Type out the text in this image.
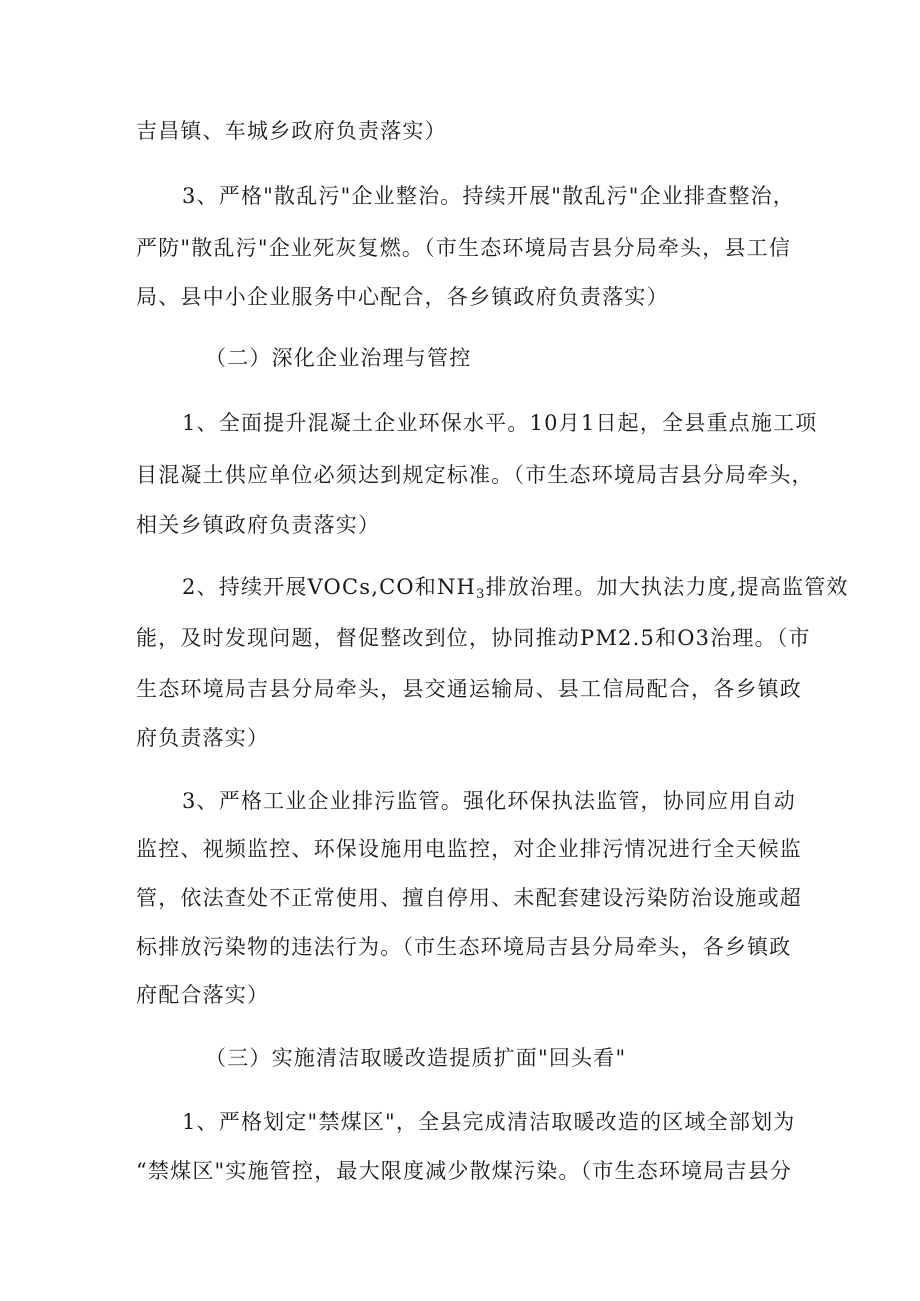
吉昌镇、车城乡政府负责落实）
3、严格"散乱污"企业整治。持续开展"散乱污"企业排查整治，
严防"散乱污"企业死灰复燃。（市生态环境局吉县分局牵头，县工信
局、县中小企业服务中心配合，各乡镇政府负责落实）
（二）深化企业治理与管控
1、全面提升混凝土企业环保水平。10月1日起，全县重点施工项
目混凝土供应单位必须达到规定标准。（市生态环境局吉县分局牵头，
相关乡镇政府负责落实）
2、持续开展VOCs,CO和$NH_3$排放治理。加大执法力度,提高监管效
能，及时发现问题，督促整改到位，协同推动PM2.5和O3治理。（市
生态环境局吉县分局牵头，县交通运输局、县工信局配合，各乡镇政
府负责落实）
3、严格工业企业排污监管。强化环保执法监管，协同应用自动
监控、视频监控、环保设施用电监控，对企业排污情况进行全天候监
管，依法查处不正常使用、擅自停用、未配套建设污染防治设施或超
标排放污染物的违法行为。（市生态环境局吉县分局牵头，各乡镇政
府配合落实）
（三）实施清洁取暖改造提质扩面"回头看"
1、严格划定"禁煤区"，全县完成清洁取暖改造的区域全部划为
“禁煤区"实施管控，最大限度减少散煤污染。（市生态环境局吉县分
